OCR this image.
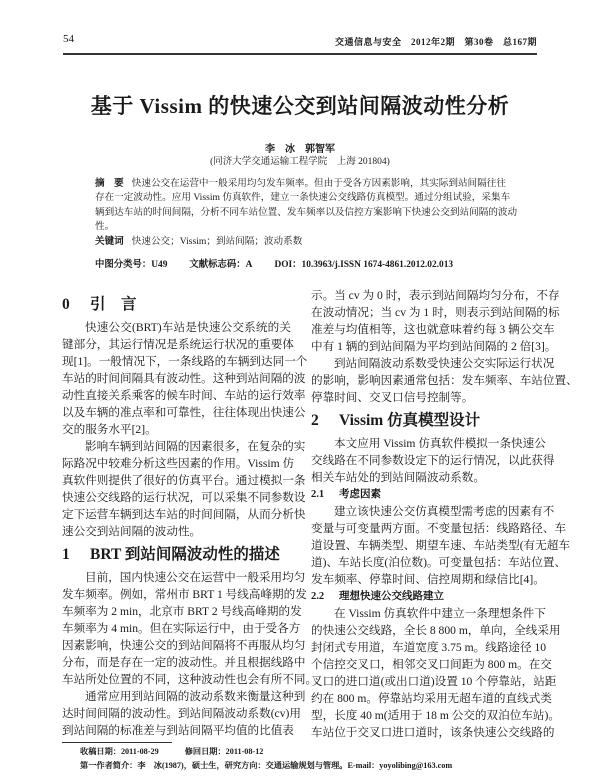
54	交通信息与安全　2012年2期　第30卷　总167期
基于 Vissim 的快速公交到站间隔波动性分析
李　冰　郭智军
(同济大学交通运输工程学院　上海 201804)
摘　要 快速公交在运营中一般采用均匀发车频率。但由于受各方因素影响，其实际到站间隔往往
存在一定波动性。应用 Vissim 仿真软件，建立一条快速公交线路仿真模型。通过分组试验，采集车
辆到达车站的时间间隔，分析不同车站位置、发车频率以及信控方案影响下快速公交到站间隔的波动
性。
关键词 快速公交；Vissim；到站间隔；波动系数
中图分类号：U49 文献标志码：A DOI：10.3963/j.ISSN 1674-4861.2012.02.013
0 引　言
快速公交(BRT)车站是快速公交系统的关
键部分，其运行情况是系统运行状况的重要体
现[1]。一般情况下，一条线路的车辆到达同一个
车站的时间间隔具有波动性。这种到站间隔的波
动性直接关系乘客的候车时间、车站的运行效率
以及车辆的准点率和可靠性，往往体现出快速公
交的服务水平[2]。
影响车辆到站间隔的因素很多，在复杂的实
际路况中较难分析这些因素的作用。Vissim 仿
真软件则提供了很好的仿真平台。通过模拟一条
快速公交线路的运行状况，可以采集不同参数设
定下运营车辆到达车站的时间间隔，从而分析快
速公交到站间隔的波动性。
1 BRT 到站间隔波动性的描述
目前，国内快速公交在运营中一般采用均匀
发车频率。例如，常州市 BRT 1 号线高峰期的发
车频率为 2 min，北京市 BRT 2 号线高峰期的发
车频率为 4 min。但在实际运行中，由于受各方
因素影响，快速公交的到站间隔将不再服从均匀
分布，而是存在一定的波动性。并且根据线路中
车站所处位置的不同，这种波动性也会有所不同。
通常应用到站间隔的波动系数来衡量这种到
达时间间隔的波动性。到站间隔波动系数(cv)用
到站间隔的标准差与到站间隔平均值的比值表
示。当 cv 为 0 时，表示到站间隔均匀分布，不存
在波动情况；当 cv 为 1 时，则表示到站间隔的标
准差与均值相等，这也就意味着约每 3 辆公交车
中有 1 辆的到站间隔为平均到站间隔的 2 倍[3]。
到站间隔波动系数受快速公交实际运行状况
的影响，影响因素通常包括：发车频率、车站位置、
停靠时间、交叉口信号控制等。
2 Vissim 仿真模型设计
本文应用 Vissim 仿真软件模拟一条快速公
交线路在不同参数设定下的运行情况，以此获得
相关车站处的到站间隔波动系数。
2.1 考虑因素
建立该快速公交仿真模型需考虑的因素有不
变量与可变量两方面。不变量包括：线路路径、车
道设置、车辆类型、期望车速、车站类型(有无超车
道)、车站长度(泊位数)。可变量包括：车站位置、
发车频率、停靠时间、信控周期和绿信比[4]。
2.2 理想快速公交线路建立
在 Vissim 仿真软件中建立一条理想条件下
的快速公交线路，全长 8 800 m，单向，全线采用
封闭式专用道，车道宽度 3.75 m。线路途径 10
个信控交叉口，相邻交叉口间距为 800 m。在交
叉口的进口道(或出口道)设置 10 个停靠站，站距
约在 800 m。停靠站均采用无超车道的直线式类
型，长度 40 m(适用于 18 m 公交的双泊位车站)。
车站位于交叉口进口道时，该条快速公交线路的
收稿日期：2011-08-29	修回日期：2011-08-12
第一作者简介：李　冰(1987)，硕士生，研究方向：交通运输规划与管理。E-mail：yoyolibing@163.com
